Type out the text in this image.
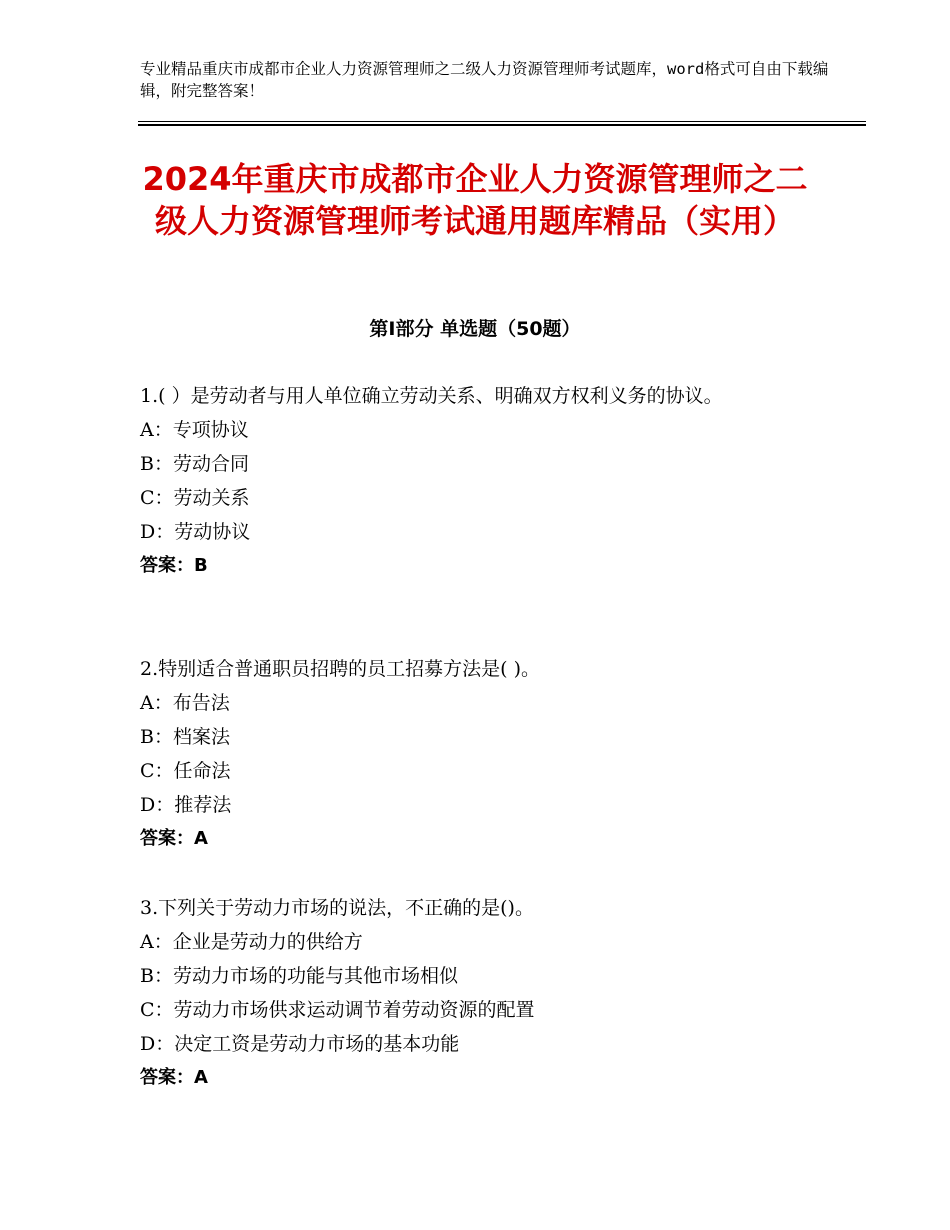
专业精品重庆市成都市企业人力资源管理师之二级人力资源管理师考试题库，word格式可自由下载编辑，附完整答案！
2024年重庆市成都市企业人力资源管理师之二级人力资源管理师考试通用题库精品（实用）
第Ⅰ部分 单选题（50题）

1.( ）是劳动者与用人单位确立劳动关系、明确双方权利义务的协议。

A：专项协议

B：劳动合同

C：劳动关系

D：劳动协议

答案：B

2.特别适合普通职员招聘的员工招募方法是( )。

A：布告法

B：档案法

C：任命法

D：推荐法

答案：A

3.下列关于劳动力市场的说法，不正确的是()。

A：企业是劳动力的供给方

B：劳动力市场的功能与其他市场相似

C：劳动力市场供求运动调节着劳动资源的配置

D：决定工资是劳动力市场的基本功能

答案：A
